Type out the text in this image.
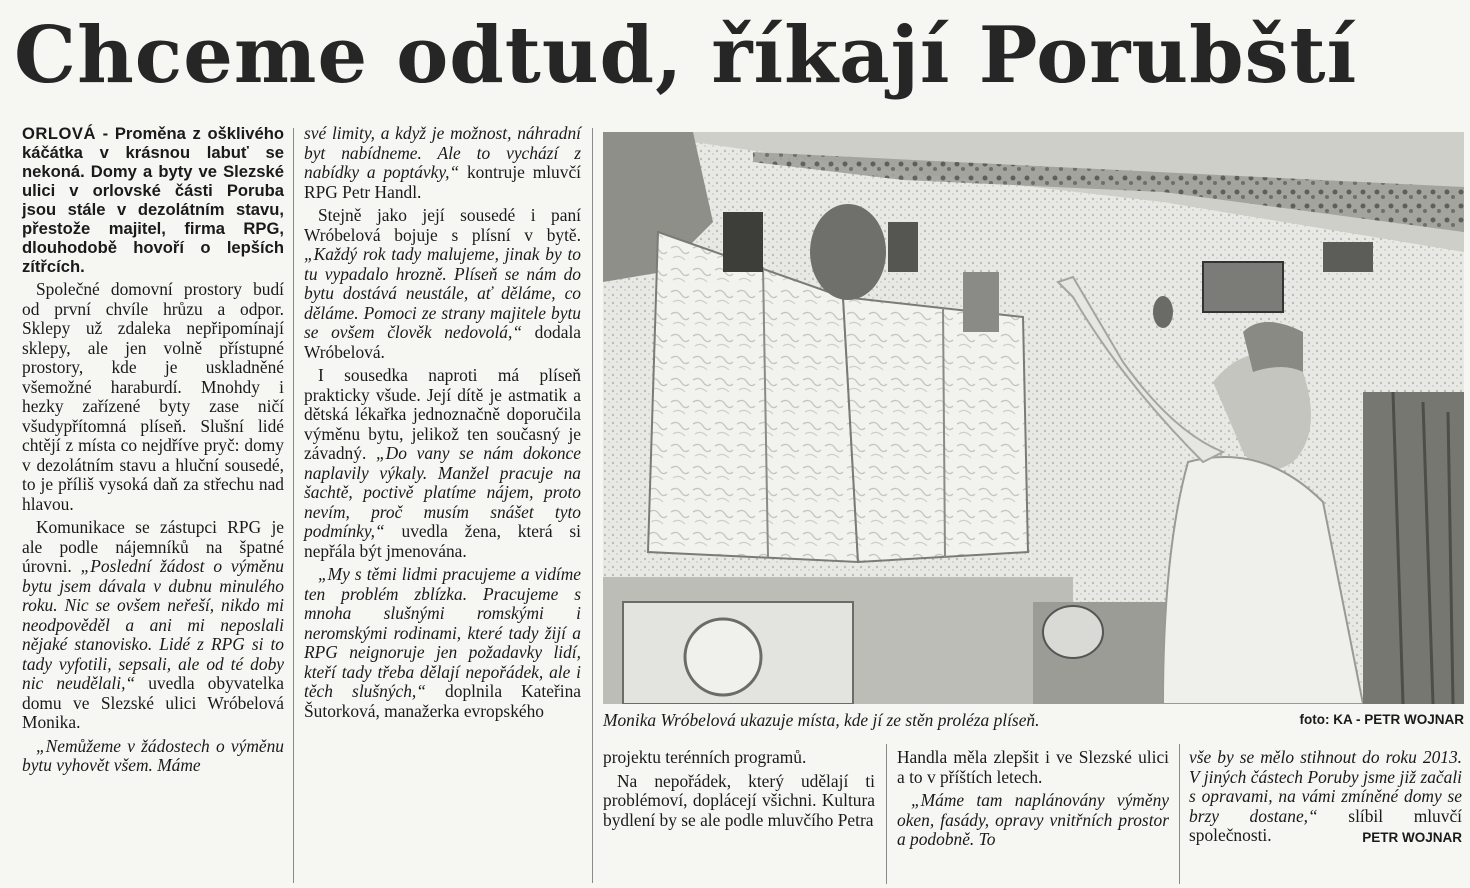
Chceme odtud, říkají Porubští

ORLOVÁ - Proměna z ošklivého káčátka v krásnou labuť se nekoná. Domy a byty ve Slezské ulici v orlovské části Poruba jsou stále v dezolátním stavu, přestože majitel, firma RPG, dlouhodobě hovoří o lepších zítřcích.

Společné domovní prostory budí od první chvíle hrůzu a odpor. Sklepy už zdaleka nepřipomínají sklepy, ale jen volně přístupné prostory, kde je uskladněné všemožné haraburdí. Mnohdy i hezky zařízené byty zase ničí všudypřítomná plíseň. Slušní lidé chtějí z místa co nejdříve pryč: domy v dezolátním stavu a hluční sousedé, to je příliš vysoká daň za střechu nad hlavou.

Komunikace se zástupci RPG je ale podle nájemníků na špatné úrovni. „Poslední žádost o výměnu bytu jsem dávala v dubnu minulého roku. Nic se ovšem neřeší, nikdo mi neodpověděl a ani mi neposlali nějaké stanovisko. Lidé z RPG si to tady vyfotili, sepsali, ale od té doby nic neudělali,“ uvedla obyvatelka domu ve Slezské ulici Wróbelová Monika.

„Nemůžeme v žádostech o výměnu bytu vyhovět všem. Máme

své limity, a když je možnost, náhradní byt nabídneme. Ale to vychází z nabídky a poptávky,“ kontruje mluvčí RPG Petr Handl.

Stejně jako její sousedé i paní Wróbelová bojuje s plísní v bytě. „Každý rok tady malujeme, jinak by to tu vypadalo hrozně. Plíseň se nám do bytu dostává neustále, ať děláme, co děláme. Pomoci ze strany majitele bytu se ovšem člověk nedovolá,“ dodala Wróbelová.

I sousedka naproti má plíseň prakticky všude. Její dítě je astmatik a dětská lékařka jednoznačně doporučila výměnu bytu, jelikož ten současný je závadný. „Do vany se nám dokonce naplavily výkaly. Manžel pracuje na šachtě, poctivě platíme nájem, proto nevím, proč musím snášet tyto podmínky,“ uvedla žena, která si nepřála být jmenována.

„My s těmi lidmi pracujeme a vidíme ten problém zblízka. Pracujeme s mnoha slušnými romskými i neromskými rodinami, které tady žijí a RPG neignoruje jen požadavky lidí, kteří tady třeba dělají nepořádek, ale i těch slušných,“ doplnila Kateřina Šutorková, manažerka evropského	Monika Wróbelová ukazuje místa, kde jí ze stěn proléza plíseň.	foto: KA - PETR WOJNAR

projektu terénních programů.

Na nepořádek, který udělají ti problémoví, doplácejí všichni. Kultura bydlení by se ale podle mluvčího Petra

Handla měla zlepšit i ve Slezské ulici a to v příštích letech.

„Máme tam naplánovány výměny oken, fasády, opravy vnitřních prostor a podobně. To

vše by se mělo stihnout do roku 2013. V jiných částech Poruby jsme již začali s opravami, na vámi zmíněné domy se brzy dostane,“ slíbil mluvčí společnosti.	PETR WOJNAR
